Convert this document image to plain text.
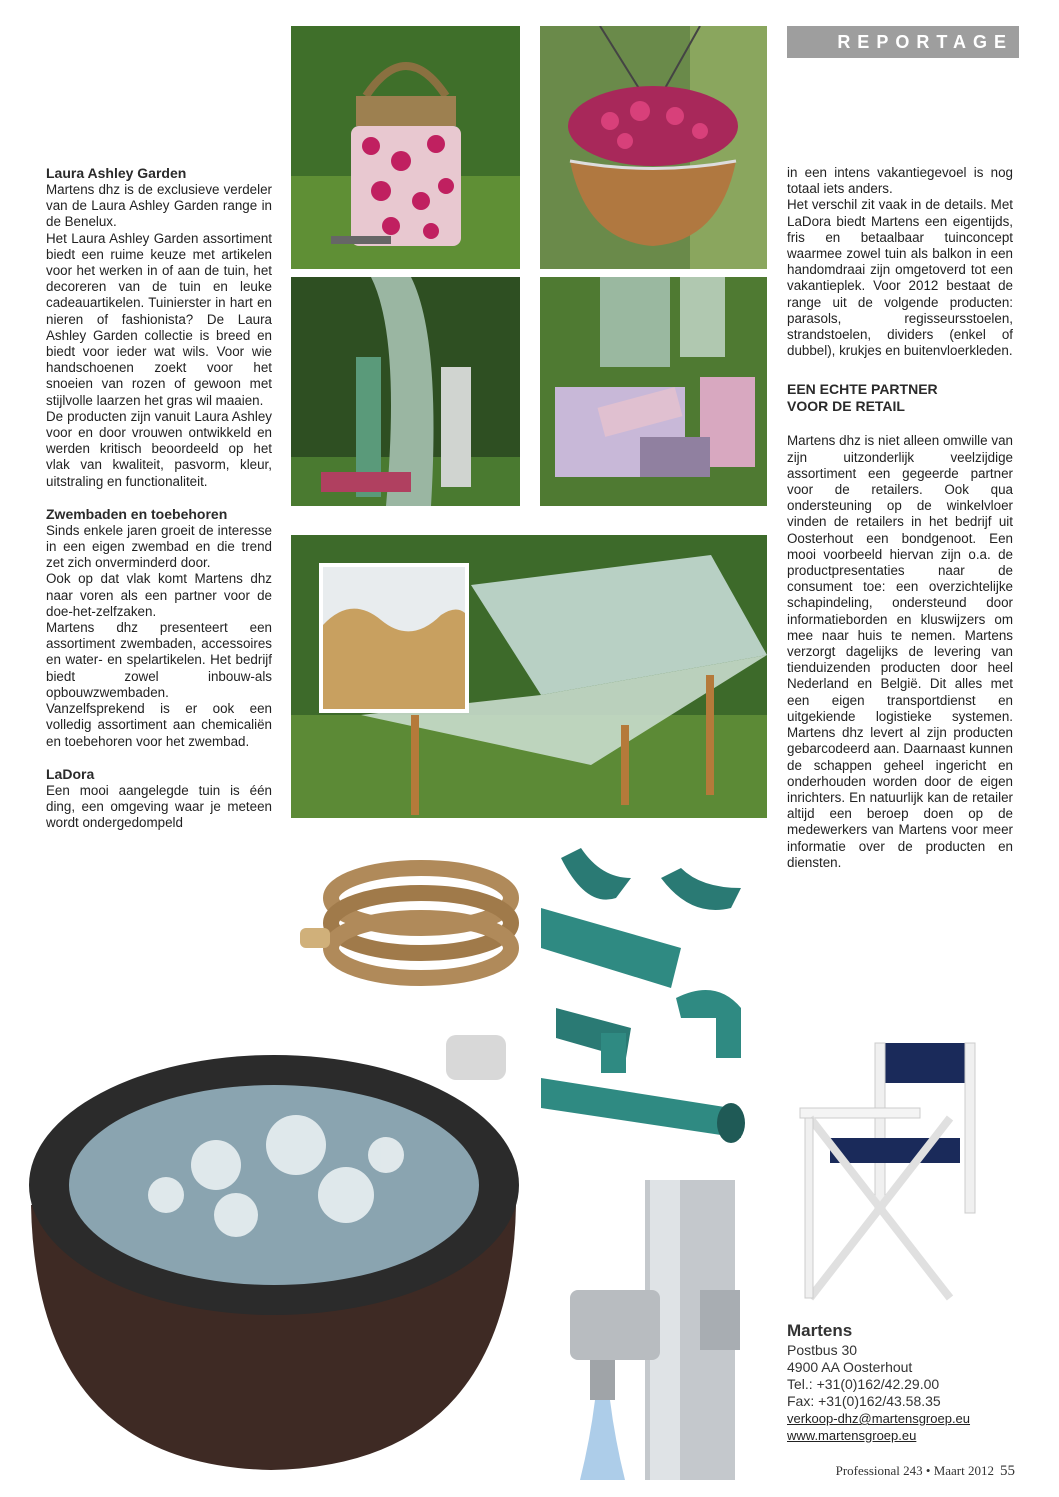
REPORTAGE
Laura Ashley Garden

Martens dhz is de exclusieve verdeler van de Laura Ashley Garden range in de Benelux.

Het Laura Ashley Garden assortiment biedt een ruime keuze met artikelen voor het werken in of aan de tuin, het decoreren van de tuin en leuke cadeauartikelen. Tuinierster in hart en nieren of fashionista? De Laura Ashley Garden collectie is breed en biedt voor ieder wat wils. Voor wie handschoenen zoekt voor het snoeien van rozen of gewoon met stijlvolle laarzen het gras wil maaien.

De producten zijn vanuit Laura Ashley voor en door vrouwen ontwikkeld en werden kritisch beoordeeld op het vlak van kwaliteit, pasvorm, kleur, uitstraling en functionaliteit.

Zwembaden en toebehoren

Sinds enkele jaren groeit de interesse in een eigen zwembad en die trend zet zich onverminderd door.

Ook op dat vlak komt Martens dhz naar voren als een partner voor de doe-het-zelfzaken.

Martens dhz presenteert een assortiment zwembaden, accessoires en water- en spelartikelen. Het bedrijf biedt zowel inbouw-als opbouwzwembaden.

Vanzelfsprekend is er ook een volledig assortiment aan chemicaliën en toebehoren voor het zwembad.

LaDora

Een mooi aangelegde tuin is één ding, een omgeving waar je meteen wordt ondergedompeld

in een intens vakantiegevoel is nog totaal iets anders.

Het verschil zit vaak in de details. Met LaDora biedt Martens een eigentijds, fris en betaalbaar tuinconcept waarmee zowel tuin als balkon in een handomdraai zijn omgetoverd tot een vakantieplek. Voor 2012 bestaat de range uit de volgende producten: parasols, regisseursstoelen, strandstoelen, dividers (enkel of dubbel), krukjes en buitenvloerkleden.

EEN ECHTE PARTNER
VOOR DE RETAIL

Martens dhz is niet alleen omwille van zijn uitzonderlijk veelzijdige assortiment een gegeerde partner voor de retailers. Ook qua ondersteuning op de winkelvloer vinden de retailers in het bedrijf uit Oosterhout een bondgenoot. Een mooi voorbeeld hiervan zijn o.a. de productpresentaties naar de consument toe: een overzichtelijke schapindeling, ondersteund door informatieborden en kluswijzers om mee naar huis te nemen. Martens verzorgt dagelijks de levering van tienduizenden producten door heel Nederland en België. Dit alles met een eigen transportdienst en uitgekiende logistieke systemen. Martens dhz levert al zijn producten gebarcodeerd aan. Daarnaast kunnen de schappen geheel ingericht en onderhouden worden door de eigen inrichters. En natuurlijk kan de retailer altijd een beroep doen op de medewerkers van Martens voor meer informatie over de producten en diensten.

Martens
Postbus 30
4900 AA Oosterhout
Tel.: +31(0)162/42.29.00
Fax: +31(0)162/43.58.35
verkoop-dhz@martensgroep.eu
www.martensgroep.eu
Professional 243 • Maart 2012 55
